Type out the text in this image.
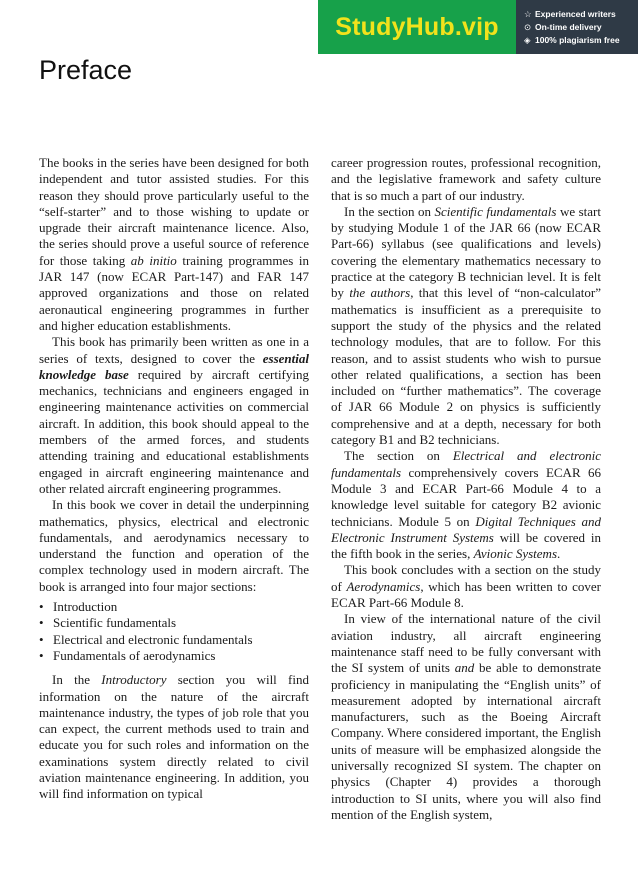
StudyHub.vip	☆ Experienced writers
⊙ On-time delivery
◈ 100% plagiarism free
Preface

The books in the series have been designed for both independent and tutor assisted studies. For this reason they should prove particularly useful to the “self-starter” and to those wishing to update or upgrade their aircraft maintenance licence. Also, the series should prove a useful source of reference for those taking ab initio training programmes in JAR 147 (now ECAR Part-147) and FAR 147 approved organizations and those on related aeronautical engineering programmes in further and higher education establishments.

This book has primarily been written as one in a series of texts, designed to cover the essential knowledge base required by aircraft certifying mechanics, technicians and engineers engaged in engineering maintenance activities on commercial aircraft. In addition, this book should appeal to the members of the armed forces, and students attending training and educational establishments engaged in aircraft engineering maintenance and other related aircraft engineering programmes.

In this book we cover in detail the underpinning mathematics, physics, electrical and electronic fundamentals, and aerodynamics necessary to understand the function and operation of the complex technology used in modern aircraft. The book is arranged into four major sections:

• Introduction
• Scientific fundamentals
• Electrical and electronic fundamentals
• Fundamentals of aerodynamics

In the Introductory section you will find information on the nature of the aircraft maintenance industry, the types of job role that you can expect, the current methods used to train and educate you for such roles and information on the examinations system directly related to civil aviation maintenance engineering. In addition, you will find information on typical

career progression routes, professional recognition, and the legislative framework and safety culture that is so much a part of our industry.

In the section on Scientific fundamentals we start by studying Module 1 of the JAR 66 (now ECAR Part-66) syllabus (see qualifications and levels) covering the elementary mathematics necessary to practice at the category B technician level. It is felt by the authors, that this level of “non-calculator” mathematics is insufficient as a prerequisite to support the study of the physics and the related technology modules, that are to follow. For this reason, and to assist students who wish to pursue other related qualifications, a section has been included on “further mathematics”. The coverage of JAR 66 Module 2 on physics is sufficiently comprehensive and at a depth, necessary for both category B1 and B2 technicians.

The section on Electrical and electronic fundamentals comprehensively covers ECAR 66 Module 3 and ECAR Part-66 Module 4 to a knowledge level suitable for category B2 avionic technicians. Module 5 on Digital Techniques and Electronic Instrument Systems will be covered in the fifth book in the series, Avionic Systems.

This book concludes with a section on the study of Aerodynamics, which has been written to cover ECAR Part-66 Module 8.

In view of the international nature of the civil aviation industry, all aircraft engineering maintenance staff need to be fully conversant with the SI system of units and be able to demonstrate proficiency in manipulating the “English units” of measurement adopted by international aircraft manufacturers, such as the Boeing Aircraft Company. Where considered important, the English units of measure will be emphasized alongside the universally recognized SI system. The chapter on physics (Chapter 4) provides a thorough introduction to SI units, where you will also find mention of the English system,
